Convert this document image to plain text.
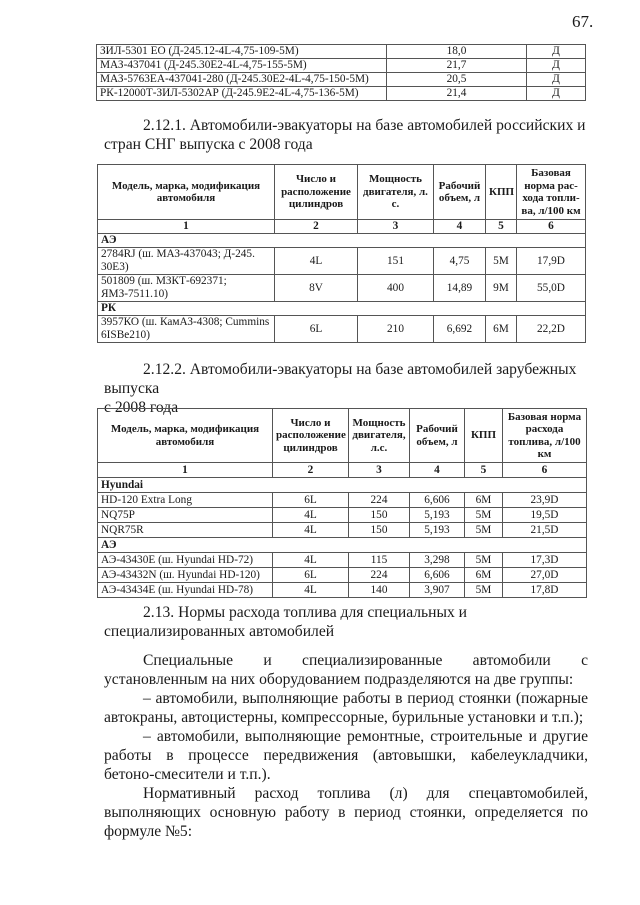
67.
ЗИЛ-5301 ЕО (Д-245.12-4L-4,75-109-5M)	18,0	Д
МАЗ-437041 (Д-245.30Е2-4L-4,75-155-5M)	21,7	Д
МАЗ-5763ЕА-437041-280 (Д-245.30Е2-4L-4,75-150-5M)	20,5	Д
РК-12000Т-ЗИЛ-5302АР (Д-245.9Е2-4L-4,75-136-5M)	21,4	Д

2.12.1. Автомобили-эвакуаторы на базе автомобилей российских и

стран СНГ выпуска с 2008 года

Модель, марка, модификация автомобиля	Число и расположение цилиндров	Мощность двигателя, л. с.	Рабочий объем, л	КПП	Базовая норма рас-хода топли-ва, л/100 км
1	2	3	4	5	6
АЭ					
2784RJ (ш. МАЗ-437043; Д-245. 30Е3)	4L	151	4,75	5M	17,9D
501809 (ш. МЗКТ-692371; ЯМЗ-7511.10)	8V	400	14,89	9M	55,0D
РК					
3957КО (ш. КамАЗ-4308; Cummins 6ISBe210)	6L	210	6,692	6M	22,2D

2.12.2. Автомобили-эвакуаторы на базе автомобилей зарубежных выпуска

с 2008 года

Модель, марка, модификация автомобиля	Число и расположение цилиндров	Мощность двигателя, л.с.	Рабочий объем, л	КПП	Базовая норма расхода топлива, л/100 км
1	2	3	4	5	6
Hyundai					
HD-120 Extra Long	6L	224	6,606	6M	23,9D
NQ75P	4L	150	5,193	5M	19,5D
NQR75R	4L	150	5,193	5M	21,5D
АЭ					
АЭ-43430Е (ш. Hyundai HD-72)	4L	115	3,298	5M	17,3D
АЭ-43432N (ш. Hyundai HD-120)	6L	224	6,606	6M	27,0D
АЭ-43434Е (ш. Hyundai HD-78)	4L	140	3,907	5M	17,8D

2.13. Нормы расхода топлива для специальных и

специализированных автомобилей

Специальные и специализированные автомобили с установленным на них оборудованием подразделяются на две группы:

– автомобили, выполняющие работы в период стоянки (пожарные автокраны, автоцистерны, компрессорные, бурильные установки и т.п.);

– автомобили, выполняющие ремонтные, строительные и другие работы в процессе передвижения (автовышки, кабелеукладчики, бетоно-смесители и т.п.).

Нормативный расход топлива (л) для спецавтомобилей, выполняющих основную работу в период стоянки, определяется по формуле №5:
